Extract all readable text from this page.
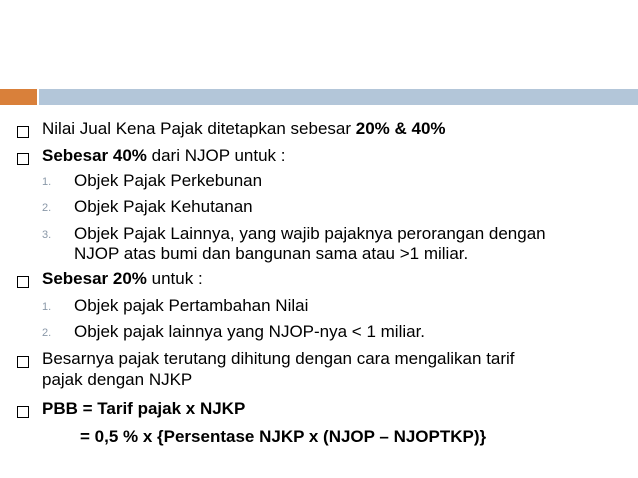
Nilai Jual Kena Pajak ditetapkan sebesar 20% & 40%
Sebesar 40% dari NJOP untuk :
1. Objek Pajak Perkebunan
2. Objek Pajak Kehutanan
3. Objek Pajak Lainnya, yang wajib pajaknya perorangan dengan
NJOP atas bumi dan bangunan sama atau >1 miliar.
Sebesar 20% untuk :
1. Objek pajak Pertambahan Nilai
2. Objek pajak lainnya yang NJOP-nya < 1 miliar.
Besarnya pajak terutang dihitung dengan cara mengalikan tarif
pajak dengan NJKP
PBB = Tarif pajak x NJKP
= 0,5 % x {Persentase NJKP x (NJOP – NJOPTKP)}
